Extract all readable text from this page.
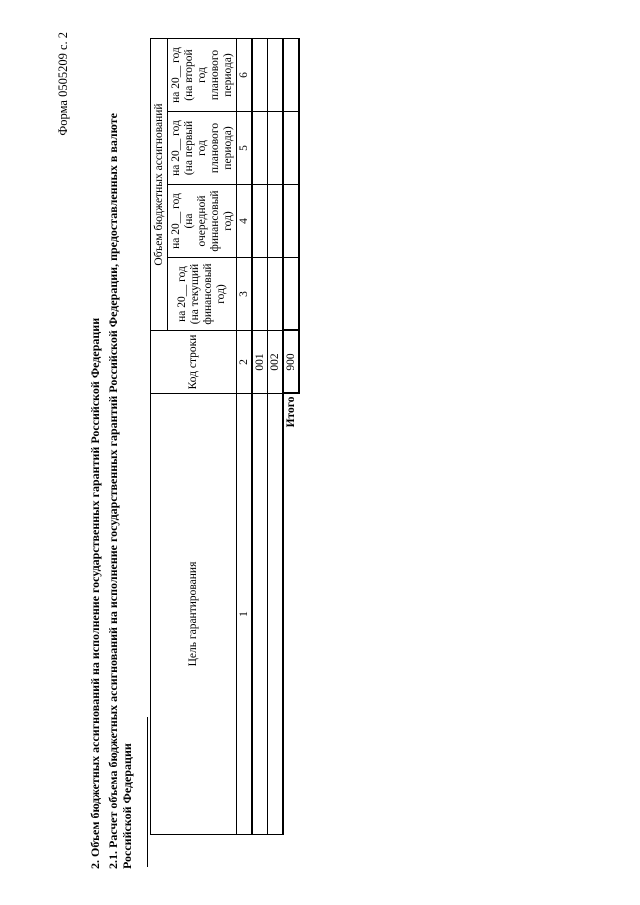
Форма 0505209 с. 2
2. Объем бюджетных ассигнований на исполнение государственных гарантий Российской Федерации 2.1. Расчет объема бюджетных ассигнований на исполнение государственных гарантий Российской Федерации, предоставленных в валюте Российской Федерации
Цель гарантирования	Код строки	Объем бюджетных ассигнований			
		на 20__ год (на текущий финансовый год)	на 20__ год (на очередной финансовый год)	на 20__ год (на первый год планового периода)	на 20__ год (на второй год планового периода)
1	2	3	4	5	6
	001				
	002				
Итого	900				
